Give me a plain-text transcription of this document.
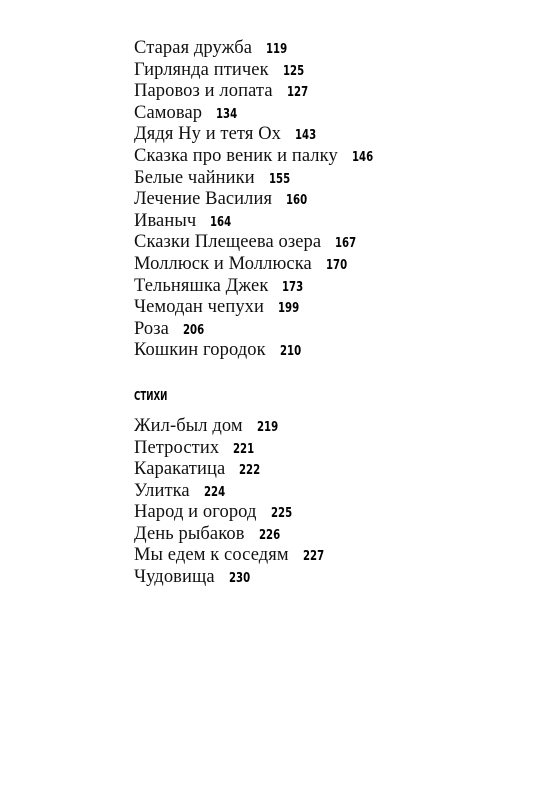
Старая дружба 119
Гирлянда птичек 125
Паровоз и лопата 127
Самовар 134
Дядя Ну и тетя Ох 143
Сказка про веник и палку 146
Белые чайники 155
Лечение Василия 160
Иваныч 164
Сказки Плещеева озера 167
Моллюск и Моллюска 170
Тельняшка Джек 173
Чемодан чепухи 199
Роза 206
Кошкин городок 210
СТИХИ
Жил-был дом 219
Петростих 221
Каракатица 222
Улитка 224
Народ и огород 225
День рыбаков 226
Мы едем к соседям 227
Чудовища 230
